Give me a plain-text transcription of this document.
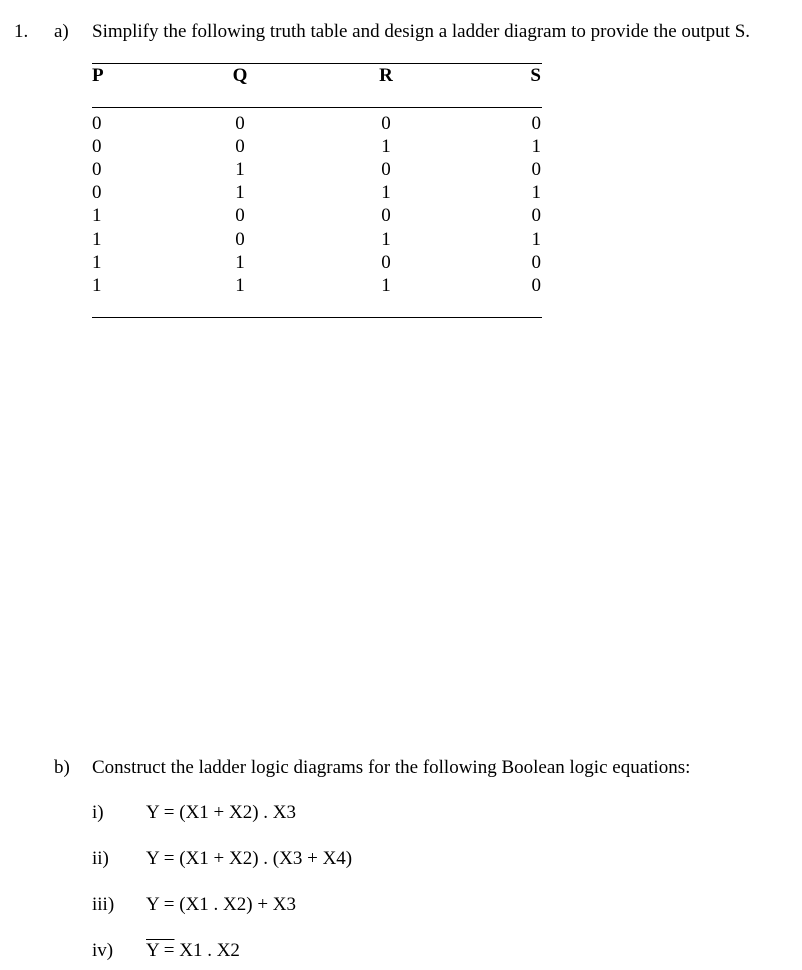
1. a) Simplify the following truth table and design a ladder diagram to provide the output S.
P	Q	R	S
0	0	0	0
0	0	1	1
0	1	0	0
0	1	1	1
1	0	0	0
1	0	1	1
1	1	0	0
1	1	1	0
b) Construct the ladder logic diagrams for the following Boolean logic equations:
i) Y = (X1 + X2) . X3
ii) Y = (X1 + X2) . (X3 + X4)
iii) Y = (X1 . X2) + X3
iv) Y = X1 . X2
